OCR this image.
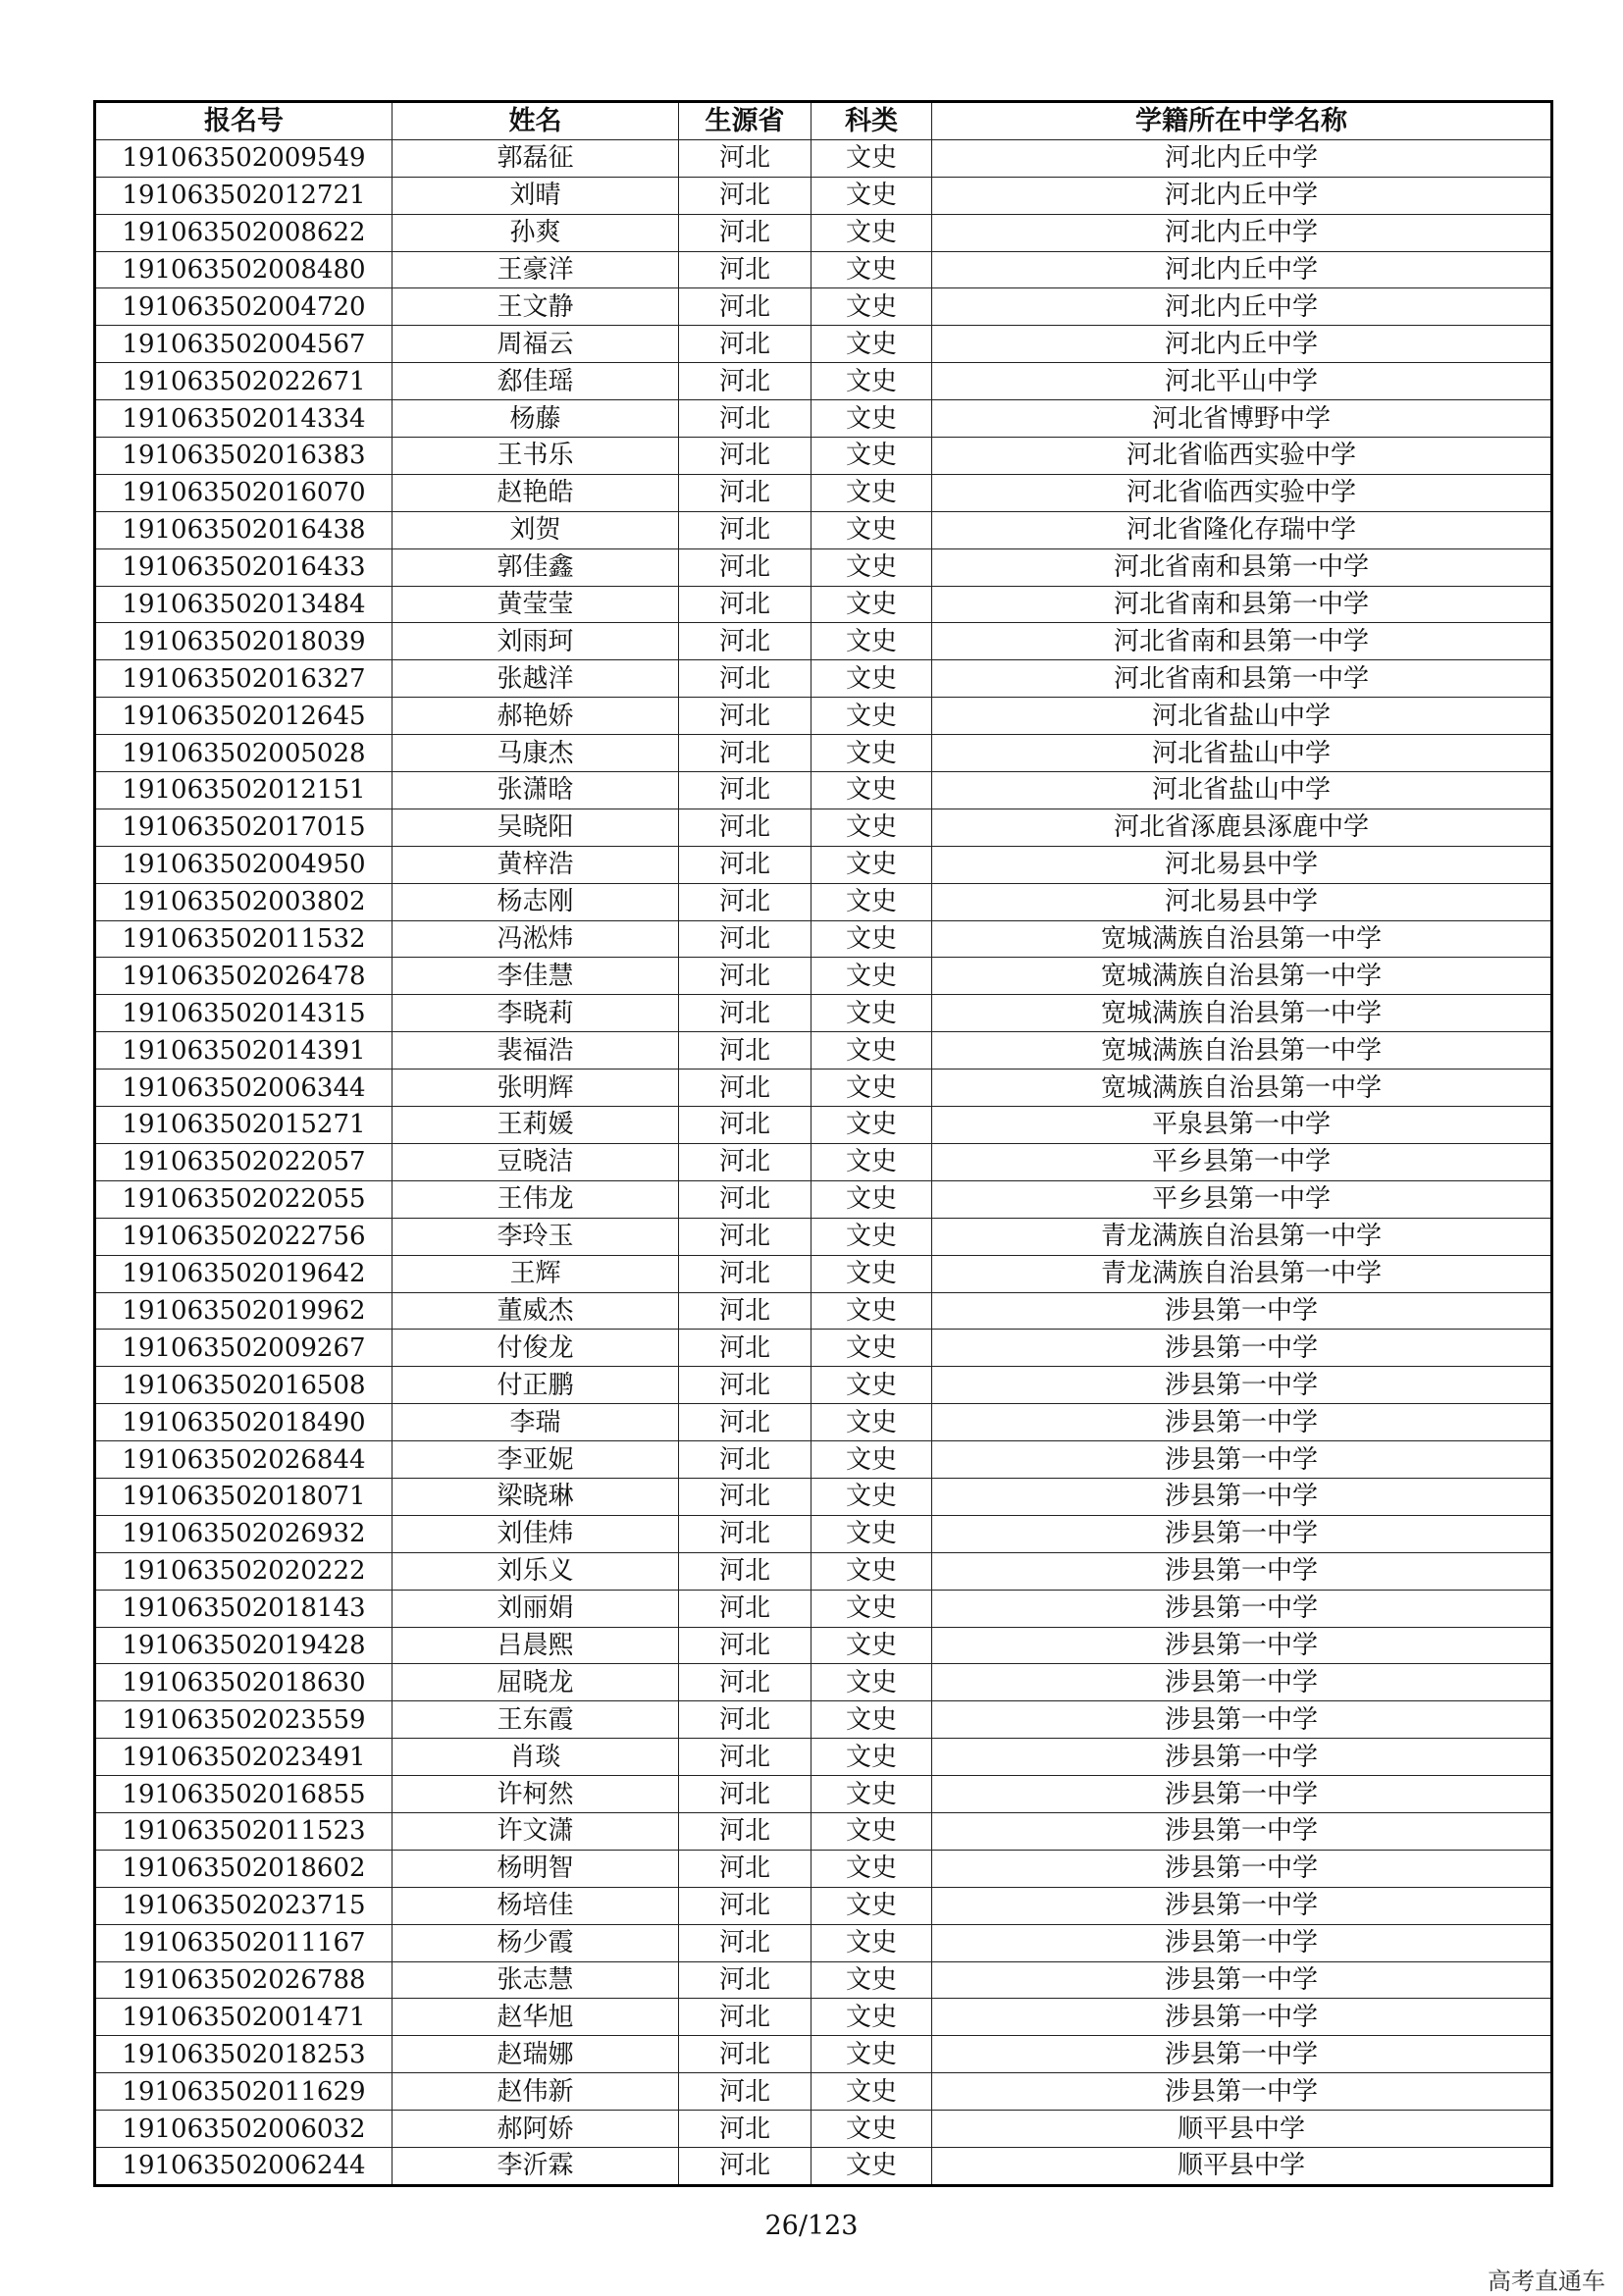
报名号	姓名	生源省	科类	学籍所在中学名称
191063502009549	郭磊征	河北	文史	河北内丘中学
191063502012721	刘晴	河北	文史	河北内丘中学
191063502008622	孙爽	河北	文史	河北内丘中学
191063502008480	王豪洋	河北	文史	河北内丘中学
191063502004720	王文静	河北	文史	河北内丘中学
191063502004567	周福云	河北	文史	河北内丘中学
191063502022671	郄佳瑶	河北	文史	河北平山中学
191063502014334	杨藤	河北	文史	河北省博野中学
191063502016383	王书乐	河北	文史	河北省临西实验中学
191063502016070	赵艳皓	河北	文史	河北省临西实验中学
191063502016438	刘贺	河北	文史	河北省隆化存瑞中学
191063502016433	郭佳鑫	河北	文史	河北省南和县第一中学
191063502013484	黄莹莹	河北	文史	河北省南和县第一中学
191063502018039	刘雨珂	河北	文史	河北省南和县第一中学
191063502016327	张越洋	河北	文史	河北省南和县第一中学
191063502012645	郝艳娇	河北	文史	河北省盐山中学
191063502005028	马康杰	河北	文史	河北省盐山中学
191063502012151	张潇晗	河北	文史	河北省盐山中学
191063502017015	吴晓阳	河北	文史	河北省涿鹿县涿鹿中学
191063502004950	黄梓浩	河北	文史	河北易县中学
191063502003802	杨志刚	河北	文史	河北易县中学
191063502011532	冯淞炜	河北	文史	宽城满族自治县第一中学
191063502026478	李佳慧	河北	文史	宽城满族自治县第一中学
191063502014315	李晓莉	河北	文史	宽城满族自治县第一中学
191063502014391	裴福浩	河北	文史	宽城满族自治县第一中学
191063502006344	张明辉	河北	文史	宽城满族自治县第一中学
191063502015271	王莉媛	河北	文史	平泉县第一中学
191063502022057	豆晓洁	河北	文史	平乡县第一中学
191063502022055	王伟龙	河北	文史	平乡县第一中学
191063502022756	李玲玉	河北	文史	青龙满族自治县第一中学
191063502019642	王辉	河北	文史	青龙满族自治县第一中学
191063502019962	董威杰	河北	文史	涉县第一中学
191063502009267	付俊龙	河北	文史	涉县第一中学
191063502016508	付正鹏	河北	文史	涉县第一中学
191063502018490	李瑞	河北	文史	涉县第一中学
191063502026844	李亚妮	河北	文史	涉县第一中学
191063502018071	梁晓琳	河北	文史	涉县第一中学
191063502026932	刘佳炜	河北	文史	涉县第一中学
191063502020222	刘乐义	河北	文史	涉县第一中学
191063502018143	刘丽娟	河北	文史	涉县第一中学
191063502019428	吕晨熙	河北	文史	涉县第一中学
191063502018630	屈晓龙	河北	文史	涉县第一中学
191063502023559	王东霞	河北	文史	涉县第一中学
191063502023491	肖琰	河北	文史	涉县第一中学
191063502016855	许柯然	河北	文史	涉县第一中学
191063502011523	许文潇	河北	文史	涉县第一中学
191063502018602	杨明智	河北	文史	涉县第一中学
191063502023715	杨培佳	河北	文史	涉县第一中学
191063502011167	杨少霞	河北	文史	涉县第一中学
191063502026788	张志慧	河北	文史	涉县第一中学
191063502001471	赵华旭	河北	文史	涉县第一中学
191063502018253	赵瑞娜	河北	文史	涉县第一中学
191063502011629	赵伟新	河北	文史	涉县第一中学
191063502006032	郝阿娇	河北	文史	顺平县中学
191063502006244	李沂霖	河北	文史	顺平县中学
26/123
高考直通车
